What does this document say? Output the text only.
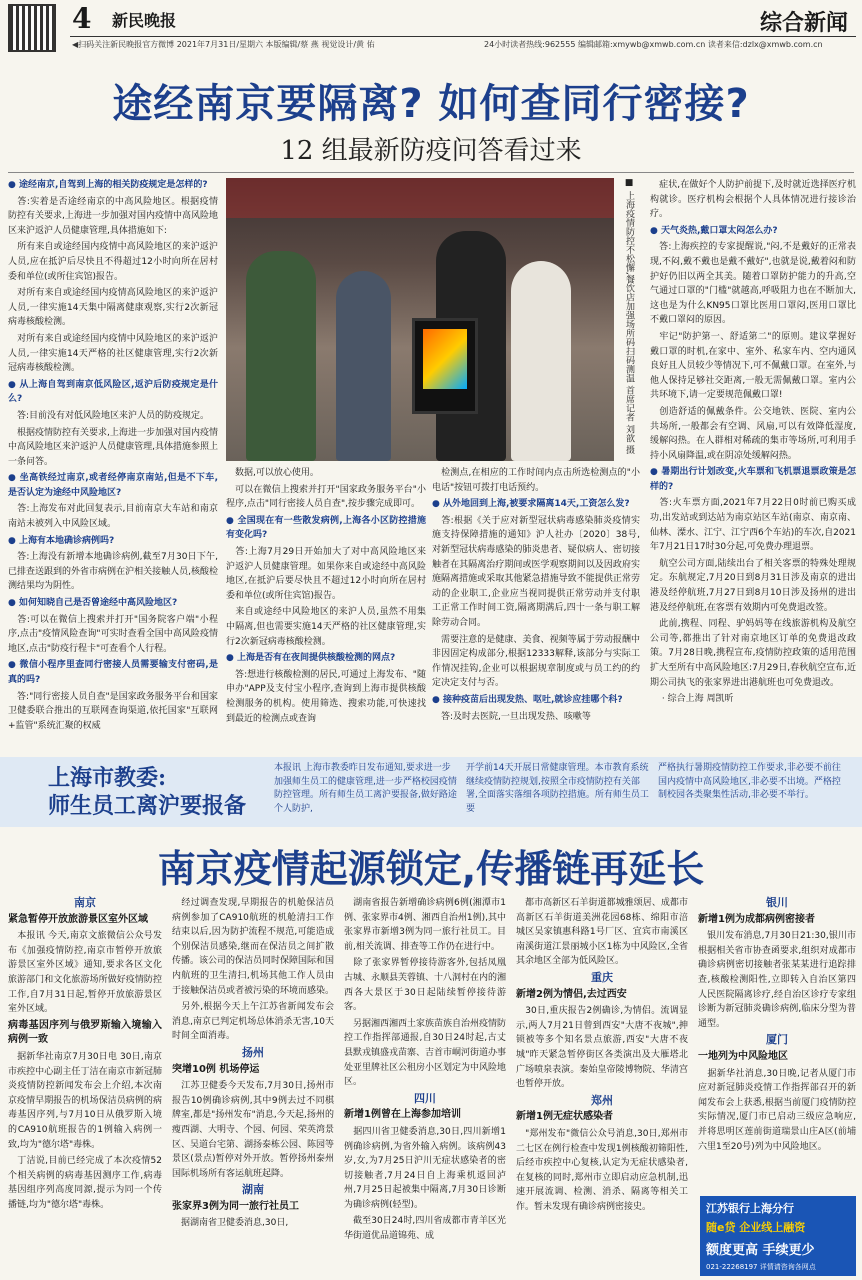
4 新民晚报	综合新闻
◀扫码关注新民晚报官方微博 2021年7月31日/星期六 本版编辑/蔡 燕 视觉设计/黄 佑	24小时读者热线:962555 编辑邮箱:xmywb@xmwb.com.cn 读者来信:dzlx@xmwb.com.cn
途经南京要隔离? 如何查同行密接?
12 组最新防疫问答看过来

● 途经南京,自驾到上海的相关防疫规定是怎样的?

　答:实着是否途经南京的中高风险地区。根据疫情防控有关要求,上海进一步加强对国内疫情中高风险地区来沪返沪人员健康管理,具体措施如下:

　所有来自或途经国内疫情中高风险地区的来沪返沪人员,应在抵沪后尽快且不得超过12小时向所在居村委和单位(或所住宾馆)报告。

　对所有来自或途经国内疫情高风险地区的来沪返沪人员,一律实施14天集中隔离健康观察,实行2次新冠病毒核酸检测。

　对所有来自或途经国内疫情中风险地区的来沪返沪人员,一律实施14天严格的社区健康管理,实行2次新冠病毒核酸检测。

● 从上海自驾到南京低风险区,返沪后防疫规定是什么?

　答:目前没有对低风险地区来沪人员的防疫规定。

　根据疫情防控有关要求,上海进一步加强对国内疫情中高风险地区来沪返沪人员健康管理,具体措施参照上一条问答。

● 坐高铁经过南京,或者经停南京南站,但是不下车,是否认定为途经中风险地区?

　答:上海发布对此回复表示,目前南京大车站和南京南站未被列入中风险区域。

● 上海有本地确诊病例吗?

　答:上海没有新增本地确诊病例,截至7月30日下午,已排查送跟到的外省市病例在沪相关接触人员,核酸检测结果均为阴性。

● 如何知晓自己是否曾途经中高风险地区?

　答:可以在微信上搜索并打开"国务院客户端"小程序,点击"疫情风险查询"可实时查看全国中高风险疫情地区,点击"防疫行程卡"可查看个人行程。

● 微信小程序里查同行密接人员需要输支付密码,是真的吗?

　答:"同行密接人员自查"是国家政务服务平台和国家卫健委联合推出的互联网查询渠道,依托国家"互联网+监管"系统汇聚的权威

　数据,可以放心使用。

　可以在微信上搜索并打开"国家政务服务平台"小程序,点击"同行密接人员自查",按步骤完成即可。

● 全国现在有一些散发病例,上海各小区防控措施有变化吗?

　答:上海7月29日开始加大了对中高风险地区来沪返沪人员健康管理。如果你来自或途经中高风险地区,在抵沪后要尽快且不超过12小时向所在居村委和单位(或所住宾馆)报告。

　来自或途经中风险地区的来沪人员,虽然不用集中隔离,但也需要实施14天严格的社区健康管理,实行2次新冠病毒核酸检测。

● 上海是否有在夜间提供核酸检测的网点?

　答:想进行核酸检测的居民,可通过上海发布、"随申办"APP及支付宝小程序,查询到上海市提供核酸检测服务的机构。使用筛选、搜索功能,可快速找到最近的检测点或查询

　检测点,在相应的工作时间内点击所选检测点的"小电话"按钮可拨打电话预约。

● 从外地回到上海,被要求隔离14天,工资怎么发?

　答:根据《关于应对新型冠状病毒感染肺炎疫情实施支持保障措施的通知》沪人社办〔2020〕38号,对新型冠状病毒感染的肺炎患者、疑似病人、密切接触者在其隔离治疗期间或医学观察期间以及因政府实施隔离措施或采取其他紧急措施导致不能提供正常劳动的企业职工,企业应当视同提供正常劳动并支付职工正常工作时间工资,隔离期满后,四十一条与职工解除劳动合同。

　需要注意的是健康、美食、视频等属于劳动报酬中非因固定构成部分,根据12333解释,该部分与实际工作情况挂钩,企业可以根据规章制度或与员工约的约定决定支付与否。

● 接种疫苗后出现发热、呕吐,就诊应挂哪个科?

　答:及时去医院,一旦出现发热、咳嗽等

　症状,在做好个人防护前提下,及时就近选择医疗机构就诊。医疗机构会根据个人具体情况进行接诊治疗。

● 天气炎热,戴口罩太闷怎么办?

　答:上海疾控的专家提醒说,"闷,不是戴好的正常表现,不闷,戴不戴也是戴不戴好",也就是说,戴着闷和防护好仍旧以两全其美。随着口罩防护能力的升高,空气通过口罩的"门槛"就越高,呼吸阻力也在不断加大,这也是为什么KN95口罩比医用口罩闷,医用口罩比不戴口罩闷的原因。

　牢记"防护第一、舒适第二"的原则。建议掌握好戴口罩的时机,在家中、室外、私家车内、空内通风良好且人员较少等情况下,可不佩戴口罩。在室外,与他人保持足够社交距离,一般无需佩戴口罩。室内公共环境下,请一定要规范佩戴口罩!

　创造舒适的佩戴条件。公交地铁、医院、室内公共场所,一般都会有空调、风扇,可以有效降低湿度,缓解闷热。在人群相对稀疏的集市等场所,可利用手持小风扇降温,或在阴凉处缓解闷热。

● 暑期出行计划改变,火车票和飞机票退票政策是怎样的?

　答:火车票方面,2021年7月22日0时前已购买成功,出发站或到达站为南京站区车站(南京、南京南、仙林、溧水、江宁、江宁西6个车站)的车次,自2021年7月21日17时30分起,可免费办理退票。

　航空公司方面,陆续出台了相关客票的特殊处理规定。东航规定,7月20日到8月31日涉及南京的进出港及经停航班,7月27日到8月10日涉及扬州的进出港及经停航班,在客票有效期内可免费退改签。

　此前,携程、同程、驴妈妈等在线旅游机构及航空公司等,都推出了针对南京地区订单的免费退改政策。7月28日晚,携程宣布,疫情防控政策的适用范围扩大至所有中高风险地区:7月29日,春秋航空宣布,近期公司执飞的张家界进出港航班也可免费退改。

　 · 综合上海 周凯昕

■ 上海疫情防控不松懈,餐饮店加强场所码扫码测温 首席记者 刘歆 摄
上海市教委:
师生员工离沪要报备
本报讯 上海市教委昨日发布通知,要求进一步加强师生员工的健康管理,进一步严格校园疫情防控管理。所有师生员工离沪要报备,做好路途个人防护,
开学前14天开展日常健康管理。本市教育系统继续疫情防控规划,按照全市疫情防控有关部署,全面落实落细各项防控措施。所有师生员工要
严格执行暑期疫情防控工作要求,非必要不前往国内疫情中高风险地区,非必要不出境。严格控制校园各类聚集性活动,非必要不举行。
南京疫情起源锁定,传播链再延长
南京
紧急暂停开放旅游景区室外区域

　本报讯 今天,南京文旅微信公众号发布《加强疫情防控,南京市暂停开放旅游景区室外区域》通知,要求各区文化旅游部门和文化旅游场所做好疫情防控工作,自7月31日起,暂停开放旅游景区室外区域。

病毒基因序列与俄罗斯输入境输入病例一致

　据新华社南京7月30日电 30日,南京市疾控中心副主任丁洁在南京市新冠肺炎疫情防控新闻发布会上介绍,本次南京疫情早期报告的机场保洁员病例的病毒基因序列,与7月10日从俄罗斯入境的CA910航班报告的1例输入病例一致,均为"德尔塔"毒株。

　丁洁说,目前已经完成了本次疫情52个相关病例的病毒基因测序工作,病毒基因组序列高度同源,提示为同一个传播链,均为"德尔塔"毒株。

　经过调查发现,早期报告的机舱保洁员病例参加了CA910航班的机舱清扫工作结束以后,因为防护流程不规范,可能造成个别保洁员感染,继而在保洁员之间扩散传播。该公司的保洁员同时保障国际和国内航班的卫生清扫,机场其他工作人员由于接触保洁员或者被污染的环境而感染。

　另外,根据今天上午江苏省新闻发布会消息,南京已判定机场总体消杀无害,10天时间全面消毒。

扬州
突增10例 机场停运

　江苏卫健委今天发布,7月30日,扬州市报告10例确诊病例,其中9例去过不同棋牌室,都是"扬州发布"消息,今天起,扬州的瘦西湖、大明寺、个园、何园、荣英湾景区、吴道台宅第、湖扬泰栋公园、陈园等景区(景点)暂停对外开放。暂停扬州泰州国际机场所有客运航班起降。

湖南
张家界3例为同一旅行社员工

　据湖南省卫健委消息,30日,

　湖南省报告新增确诊病例6例(湘潭市1例、张家界市4例、湘西自治州1例),其中张家界市新增3例为同一旅行社员工。目前,相关流调、排查等工作仍在进行中。

　除了张家界暂停接待游客外,包括凤凰古城、永顺县芙蓉镇、十八洞村在内的湘西各大景区于30日起陆续暂停接待游客。

　另据湘西湘西土家族苗族自治州疫情防控工作指挥部通报,自30日24时起,古丈县默戎镇盛戎苗寨、吉首市峒河街道办事处亚里牌社区公租房小区划定为中风险地区。

四川
新增1例曾在上海参加培训

　据四川省卫健委消息,30日,四川新增1例确诊病例,为省外输入病例。该病例43岁,女,为7月25日沪川无症状感染者的密切接触者,7月24日自上海乘机返回泸州,7月25日起被集中隔离,7月30日诊断为确诊病例(轻型)。

　截至30日24时,四川省成都市青羊区光华街道优品道锦苑、成

　都市高新区石羊街道都城雅颂居、成都市高新区石羊街道美洲花园68栋、绵阳市涪城区吴家镇惠科路1号厂区、宜宾市南溪区南溪街道江景丽城小区1栋为中风险区,全省其余地区全部为低风险区。

重庆
新增2例为情侣,去过西安

　30日,重庆报告2例确诊,为情侣。流调显示,两人7月21日曾到西安"大唐不夜城",抻锁被等多个知名景点旅游,西安"大唐不夜城"昨天紧急暂停街区各类演出及大雁塔北广场喷泉表演。秦始皇帝陵博物院、华清宫也暂停开放。

郑州
新增1例无症状感染者

　"郑州发布"微信公众号消息,30日,郑州市二七区在例行检查中发现1例核酸初筛阳性,后经市疾控中心复核,认定为无症状感染者,在复核的同时,郑州市立即启动应急机制,迅速开展流调、检测、消杀、隔离等相关工作。暂未发现有确诊病例密接史。

银川
新增1例为成都病例密接者

　银川发布消息,7月30日21:30,银川市根据相关省市协查函要求,组织对成都市确诊病例密切接触者张某某进行追踪排查,核酸检测阳性,立即转入自治区第四人民医院隔离诊疗,经自治区诊疗专家组诊断为新冠肺炎确诊病例,临床分型为普通型。

厦门
一地列为中风险地区

　据新华社消息,30日晚,记者从厦门市应对新冠肺炎疫情工作指挥部召开的新闻发布会上获悉,根据当前厦门疫情防控实际情况,厦门市已启动三级应急响应,并将思明区莲前街道瑞景山庄A区(前埔六里1至20号)列为中风险地区。

江苏银行上海分行
随e贷 企业线上融资
额度更高 手续更少
021-22268197 详情请咨询各网点
